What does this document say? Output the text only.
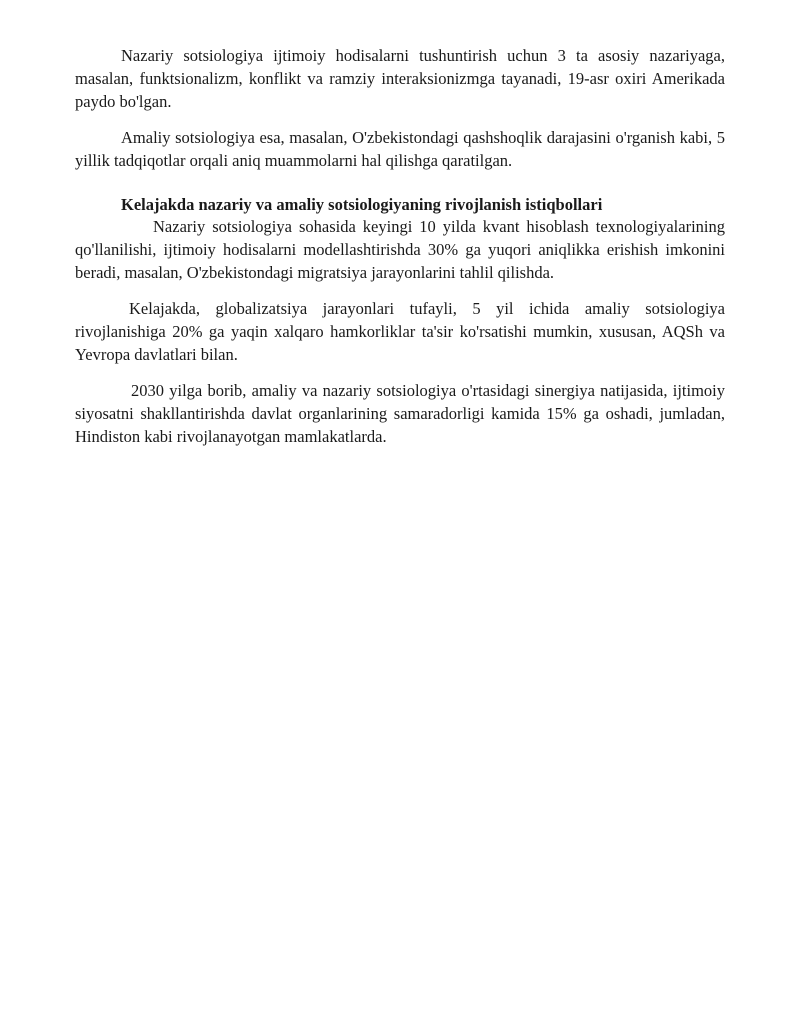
Nazariy sotsiologiya ijtimoiy hodisalarni tushuntirish uchun 3 ta asosiy nazariyaga, masalan, funktsionalizm, konflikt va ramziy interaksionizmga tayanadi, 19-asr oxiri Amerikada paydo bo'lgan.

Amaliy sotsiologiya esa, masalan, O'zbekistondagi qashshoqlik darajasini o'rganish kabi, 5 yillik tadqiqotlar orqali aniq muammolarni hal qilishga qaratilgan.

Kelajakda nazariy va amaliy sotsiologiyaning rivojlanish istiqbollari

Nazariy sotsiologiya sohasida keyingi 10 yilda kvant hisoblash texnologiyalarining qo'llanilishi, ijtimoiy hodisalarni modellashtirishda 30% ga yuqori aniqlikka erishish imkonini beradi, masalan, O'zbekistondagi migratsiya jarayonlarini tahlil qilishda.

Kelajakda, globalizatsiya jarayonlari tufayli, 5 yil ichida amaliy sotsiologiya rivojlanishiga 20% ga yaqin xalqaro hamkorliklar ta'sir ko'rsatishi mumkin, xususan, AQSh va Yevropa davlatlari bilan.

2030 yilga borib, amaliy va nazariy sotsiologiya o'rtasidagi sinergiya natijasida, ijtimoiy siyosatni shakllantirishda davlat organlarining samaradorligi kamida 15% ga oshadi, jumladan, Hindiston kabi rivojlanayotgan mamlakatlarda.
